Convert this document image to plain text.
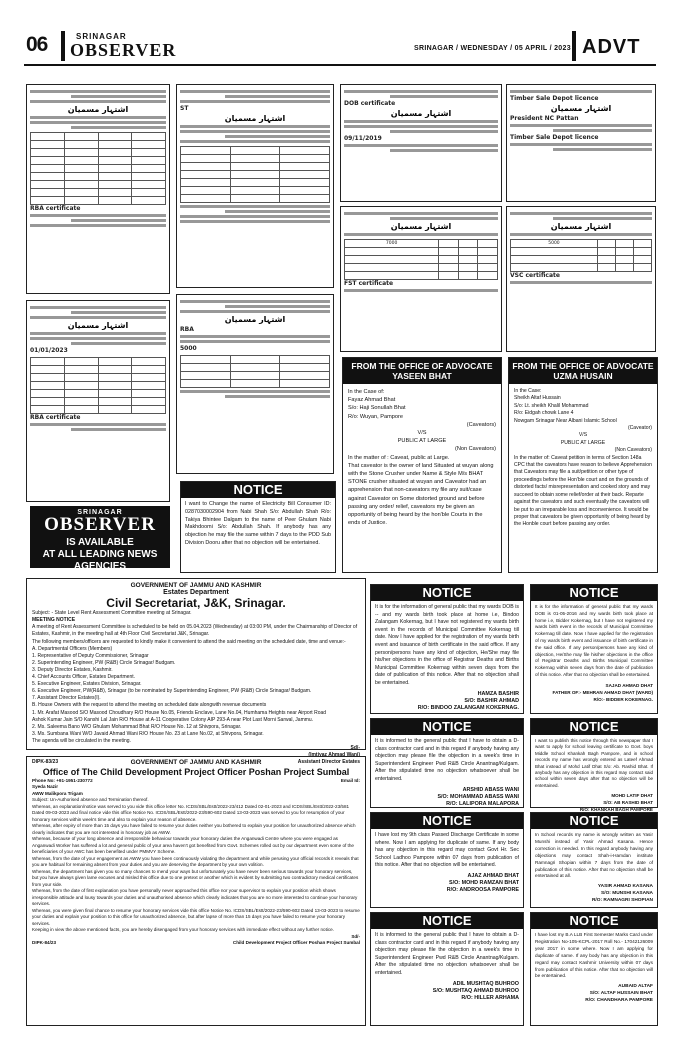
06	SRINAGAR
OBSERVER	SRINAGAR / WEDNESDAY / 05 APRIL / 2023 ADVT
اشتہار مسمیان

RBA certificate
ST
اشتہار مسمیان

DOB certificate
اشتہار مسمیان
09/11/2019
Timber Sale Depot licence
اشتہار مسمیان
President NC Pattan
Timber Sale Depot licence
اشتہار مسمیان
01/01/2023

RBA certificate
اشتہار مسمیان
RBA
5000

اشتہار مسمیان
7000			

FST certificate
اشتہار مسمیان
5000			

VSC certificate
FROM THE OFFICE OF ADVOCATE YASEEN BHAT
In the Case of:
Fayaz Ahmad Bhat
S/o: Haji Sonullah Bhat
R/o: Wuyan, Pampore
(Caveators)
V/S
PUBLIC AT LARGE
(Non Caveators)
In the matter of : Caveat, public at Large.
That caveator is the owner of land Situated at wuyan along with the Stone Crusher under Name & Style M/s BHAT STONE crusher situated at wuyan and Caveator had an apprehension that non-caveators my file any suit/case against Caveator on Some distorted ground and before passing any order/ relief, caveators my be given an opportunity of being heard by the hon'ble Courts in the ends of Justice.
FROM THE OFFICE OF ADVOCATE UZMA HUSAIN
In the Case:
Sheikh Altaf Hussain
S/o: Lt. sheikh Khalil Mohammad
R/o: Eidgah chowk Lane 4
Nowgam Srinagar Near Albani Islamic School
(Caveator)
V/S
PUBLIC AT LARGE
(Non Caveators)
In the matter of: Caveat petition in terms of Section 148a CPC that the caveators have reason to believe Apprehension that Caveators may file a suit/petition or other type of proceedings before the Hon'ble court and on the grounds of distorted facts/ misrepresentation and cooked story and may succeed to obtain some relief/order at their back. Reparte against the caveators and such eventually the caveators will be put to an irreparable loss and inconvenience. It would be proper that caveators be given opportunity of being heard by the Honble court before passing any order.
NOTICE
I want to Change the name of Electricity Bill Consumer ID: 0287030002904 from Nabi Shah S/o: Abdullah Shah R/o: Takiya Bhintee Dalgam to the name of Peer Ghulam Nabi Makhdoomi S/o: Abdullah Shah. If anybody has any objection he may file the same within 7 days to the PDD Sub Division Dooru after that no objection will be entertained.
SRINAGAR
OBSERVER
IS AVAILABLE
AT ALL LEADING NEWS
AGENCIES
GOVERNMENT OF JAMMU AND KASHMIR
Estates Department
Civil Secretariat, J&K, Srinagar.
Subject: - State Level Rent Assessment Committee meeting at Srinagar.
MEETING NOTICE
A meeting of Rent Assessment Committee is scheduled to be held on 05.04.2023 (Wednesday) at 03:00 PM, under the Chairmanship of Director of Estates, Kashmir, in the meeting hall at 4th Floor Civil Secretariat J&K, Srinagar.
The following members/officers are requested to kindly make it convenient to attend the said meeting on the scheduled date, time and venue:-
A. Departmental Officers (Members)
1. Representative of Deputy Commissioner, Srinagar
2. Superintending Engineer, PW (R&B) Circle Srinagar/ Budgam.
3. Deputy Director Estates, Kashmir.
4. Chief Accounts Officer, Estates Department.
5. Executive Engineer, Estates Division, Srinagar.
6. Executive Engineer, PW(R&B), Srinagar (to be nominated by Superintending Engineer, PW (R&B) Circle Srinagar/ Budgam.
7. Assistant Director Estates(I).
B. House Owners with the request to attend the meeting on scheduled date alongwith revenue documents
1. Mr. Arafat Masood S/O Masood Choudhary R/O House No.05, Friends Enclave, Lane No.04, Humhama Heights near Airport Road
Ashok Kumar Jain S/O Kanshi Lal Jain R/O House at A-11 Cooperative Colony AIP 293-A near Plot Last Morni Sarwal, Jammu.
2. Ms. Saleema Bano W/O Ghulam Mohammad Bhat R/O House No. 12 at Shivpora, Srinagar.
3. Ms. Sumbana Wani W/O Javaid Ahmad Wani R/O House No. 23 at Lane No.02, at Shivpora, Srinagar.
The agenda will be circulated in the meeting.
Sd/-
(Imtiyaz Ahmad Wani)
DIPK-83/23	Assistant Director Estates
GOVERNMENT OF JAMMU AND KASHMIR
Office of The Child Development Project Officer Poshan Project Sumbal
Phone No: +91-1951-230772	Email Id:
Syeda Nazir
AWW Malikpora Trigam
Subject: Un-Authorised absence and Termination thereof.
Whereas, an explanation/notice was served to you vide this office letter No. ICDS/SBL/Estt/2022-23/412 Dated 02-01-2023 and ICDS/SBL/Estt/2022-23/581 Dated 09-03-2023 and final notice vide this office Notice No. ICDS/SBL/Estt/2022-23/590-602 Dated 13-03-2023 was served to you for resumption of your honorary services within week's time and also to explain your reason of absence.
Whereas, after expiry of more than 15 days you have failed to resume your duties neither you bothered to explain your position for unauthorized absence which clearly indicates that you are not interested in honorary job as AWW.
Whereas, because of your long absence and irresponsible behaviour towards your honorary duties the Anganwadi Centre where you were engaged as Anganwadi Worker has suffered a lot and general public of your area haven't got benefited from Govt. Schemes rolled out by our department even some of the beneficiaries of your AWC has been benefited under PMMVY Scheme.
Whereas, from the date of your engagement as AWW you have been continuously violating the department and while perusing your official records it reveals that you are habitual for remaining absent from your duties and you are deserving the department by your own volition.
Whereas, the department has given you so many chances to mend your ways but unfortunately you have never been serious towards your honorary services, but you have always given lame excuses and misled this office due to one pretext or another which is evident by submitting two contradictory medical certificates from your side.
Whereas, from the date of first explanation you have personally never approached this office nor your supervisor to explain your position which shows irresponsible attitude and lousy towards your duties and unauthorised absence which clearly indicates that you are no more interested to continue your honorary services.
Whereas, you were given final chance to resume your honorary services vide this office Notice No. ICDS/SBL/Estt/2022-23/590-602 Dated 13-03-2023 to resume your duties and explain your position to this office for unauthorized absence, but after lapse of more than 15 days you have failed to resume your honorary services.
Keeping in view the above mentioned facts, you are hereby disengaged from your honorary services with immediate effect without any further notice.
Sd/-
DIPK-84/23	Child Development Project Officer Poshan Project Sumbal
NOTICE
It is for the information of general public that my wards DOB is -- and my wards birth took place at home i.e, Bindoo Zalangam Kokernag, but I have not registered my wards birth event in the records of Municipal Committee Kokernag till date. Now I have applied for the registration of my wards birth event and issuance of birth certificate in the said office. If any person/persons have any kind of objection, He/She may file his/her objections in the office of Registrar Deaths and Births Municipal Committee Kokernag within seven days from the date of publication of this notice. After that no objection shall be entertained.
HAMZA BASHIR
S/O: BASHIR AHMAD
R/O: BINDOO ZALANGAM KOKERNAG.
NOTICE
It is for the information of general public that my wards DOB is 01-05-2016 and my wards birth took place at home i.e, Bidder Kokernag, but I have not registered my wards birth event in the records of Municipal Committee Kokernag till date. Now I have applied for the registration of my wards birth event and issuance of birth certificate in the said office. If any person/persons have any kind of objection, He/She may file his/her objections in the office of Registrar Deaths and Births Municipal Committee Kokernag within seven days from the date of publication of this notice. After that no objection shall be entertained.
SAJAD AHMAD DHAT
FATHER OF:- MEHRAN AHMAD DHAT (WARD)
R/O:- BIDDER KOKERNAG.
NOTICE
It is informed to the general public that I have to obtain a D-class contractor card and in this regard if anybody having any objection may please file the objection in a week's time in Superintendent Engineer Pwd R&B Circle Anantnag/Kulgam. After the stipulated time no objection whatsoever shall be entertained.
ARSHID ABASS WANI
S/O: MOHAMMAD ABASS WANI
R/O: LALIPORA MALAPORA
NOTICE
I want to publish this notice through this newspaper that I want to apply for school leaving certificate to Govt. boys Middle School Khankah Bagh Pampore, and in school records my name has wrongly entered as Lateef Ahmad Bhat instead of Mohd Latif Dhat S/o: Ab. Rashid Bhat. If anybody has any objection in this regard may contact said school within seven days after that no objection will be entertained.
MOHD LATIF DHAT
S/O: AB RASHID BHAT
R/O: KHANKAH BAGH PAMPORE
NOTICE
I have lost my 9th class Passed Discharge Certificate in some where. Now I am applying for duplicate of same. If any body has any objection in this regard may contact Govt Hr. Sec School Ladhoo Pampore within 07 days from publication of this notice. After that no objection will be entertained.
AJAZ AHMAD BHAT
S/O: MOHD RAMZAN BHAT
R/O: ANDROOSA PAMPORE
NOTICE
In School records my name is wrongly written as Yasir Munshi instead of Yasir Ahmad Kasana. Hence correction is needed. In this regard anybody having any objections may contact Shah-i-Hamdan institute Ramnagri Shopian within 7 days from the date of publication of this notice. After that no objection shall be entertained at all.
YASIR AHMAD KASANA
S/O: MUNSHI KASANA
R/O: RAMNAGRI SHOPIAN
NOTICE
It is informed to the general public that I have to obtain a D-class contractor card and in this regard if anybody having any objection may please file the objection in a week's time in Superintendent Engineer Pwd R&B Circle Anantnag/Kulgam. After the stipulated time no objection whatsoever shall be entertained.
ADIL MUSHTAQ BUHROO
S/O: MUSHTAQ AHMAD BUHROO
R/O: HILLER ARHAMA
NOTICE
I have lost my B.A LLB First Semester Marks Card under Registration No-105-KCPL-2017 Roll No.- 17042126009 year 2017 in some where. Now I am applying for duplicate of same. If any body has any objection in this regard may contact Kashmir University within 07 days from publication of this notice. After that no objection will be entertained.
AUBAID ALTAF
S/O: ALTAF HUSSAIN BHAT
R/O: CHANDHARA PAMPORE
